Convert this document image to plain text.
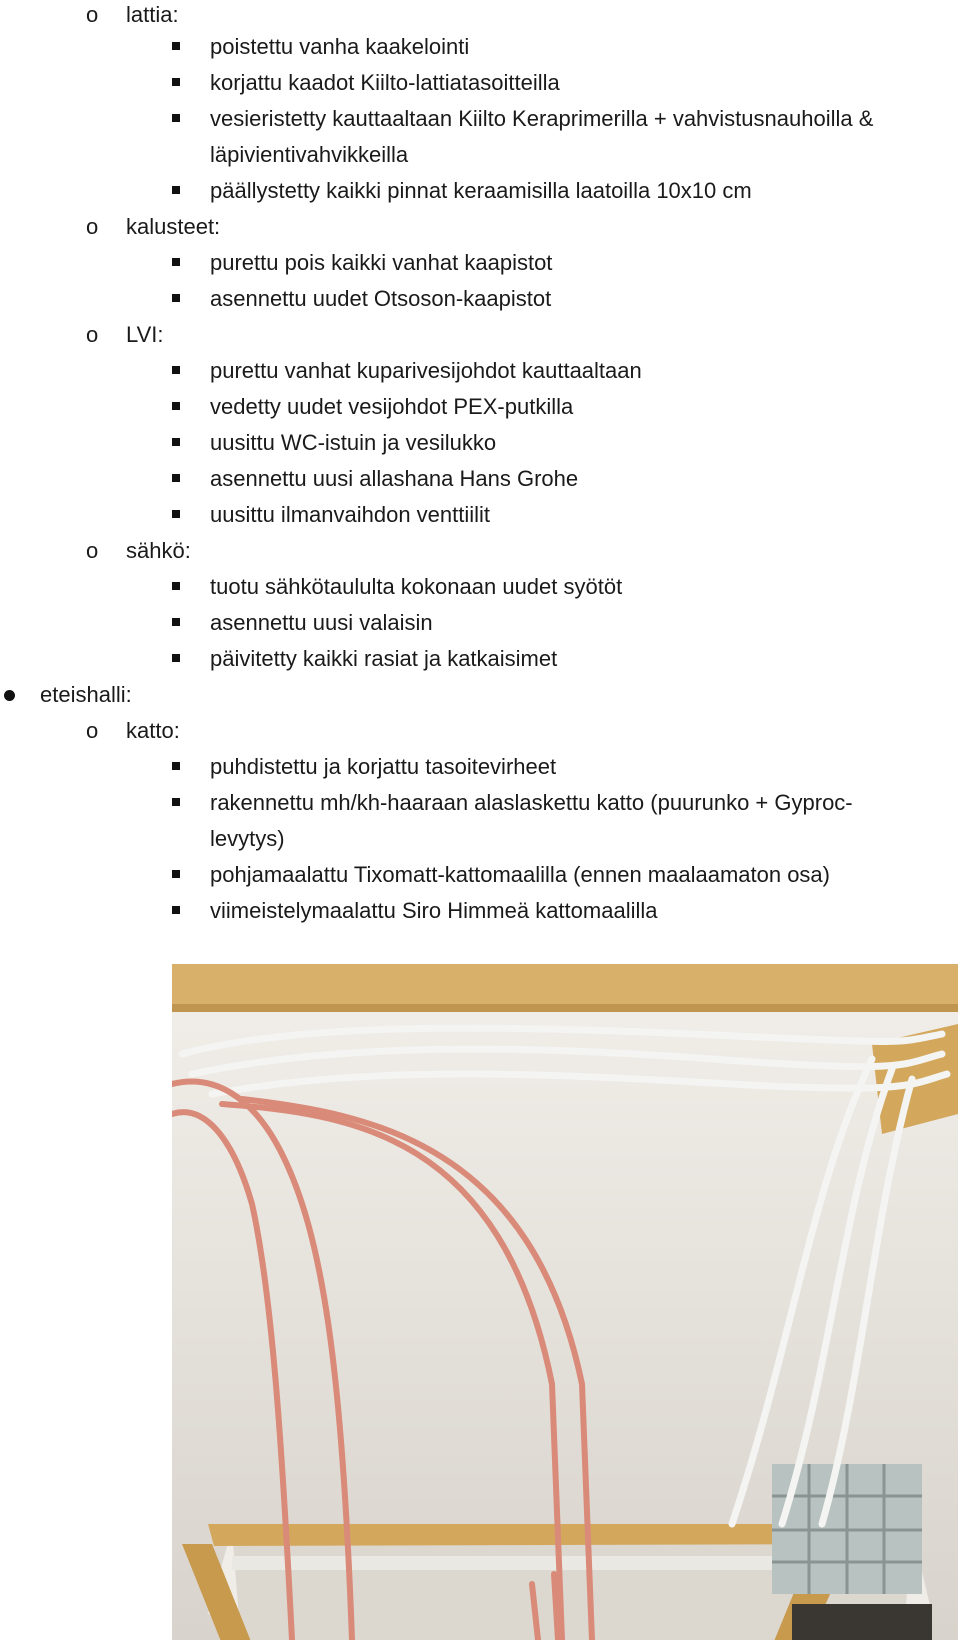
o lattia:
poistettu vanha kaakelointi
korjattu kaadot Kiilto-lattiatasoitteilla
vesieristetty kauttaaltaan Kiilto Keraprimerilla + vahvistusnauhoilla &
läpivientivahvikkeilla
päällystetty kaikki pinnat keraamisilla laatoilla 10x10 cm
o kalusteet:
purettu pois kaikki vanhat kaapistot
asennettu uudet Otsoson-kaapistot
o LVI:
purettu vanhat kuparivesijohdot kauttaaltaan
vedetty uudet vesijohdot PEX-putkilla
uusittu WC-istuin ja vesilukko
asennettu uusi allashana Hans Grohe
uusittu ilmanvaihdon venttiilit
o sähkö:
tuotu sähkötaululta kokonaan uudet syötöt
asennettu uusi valaisin
päivitetty kaikki rasiat ja katkaisimet
eteishalli:
o katto:
puhdistettu ja korjattu tasoitevirheet
rakennettu mh/kh-haaraan alaslaskettu katto (puurunko + Gyproc-
levytys)
pohjamaalattu Tixomatt-kattomaalilla (ennen maalaamaton osa)
viimeistelymaalattu Siro Himmeä kattomaalilla
